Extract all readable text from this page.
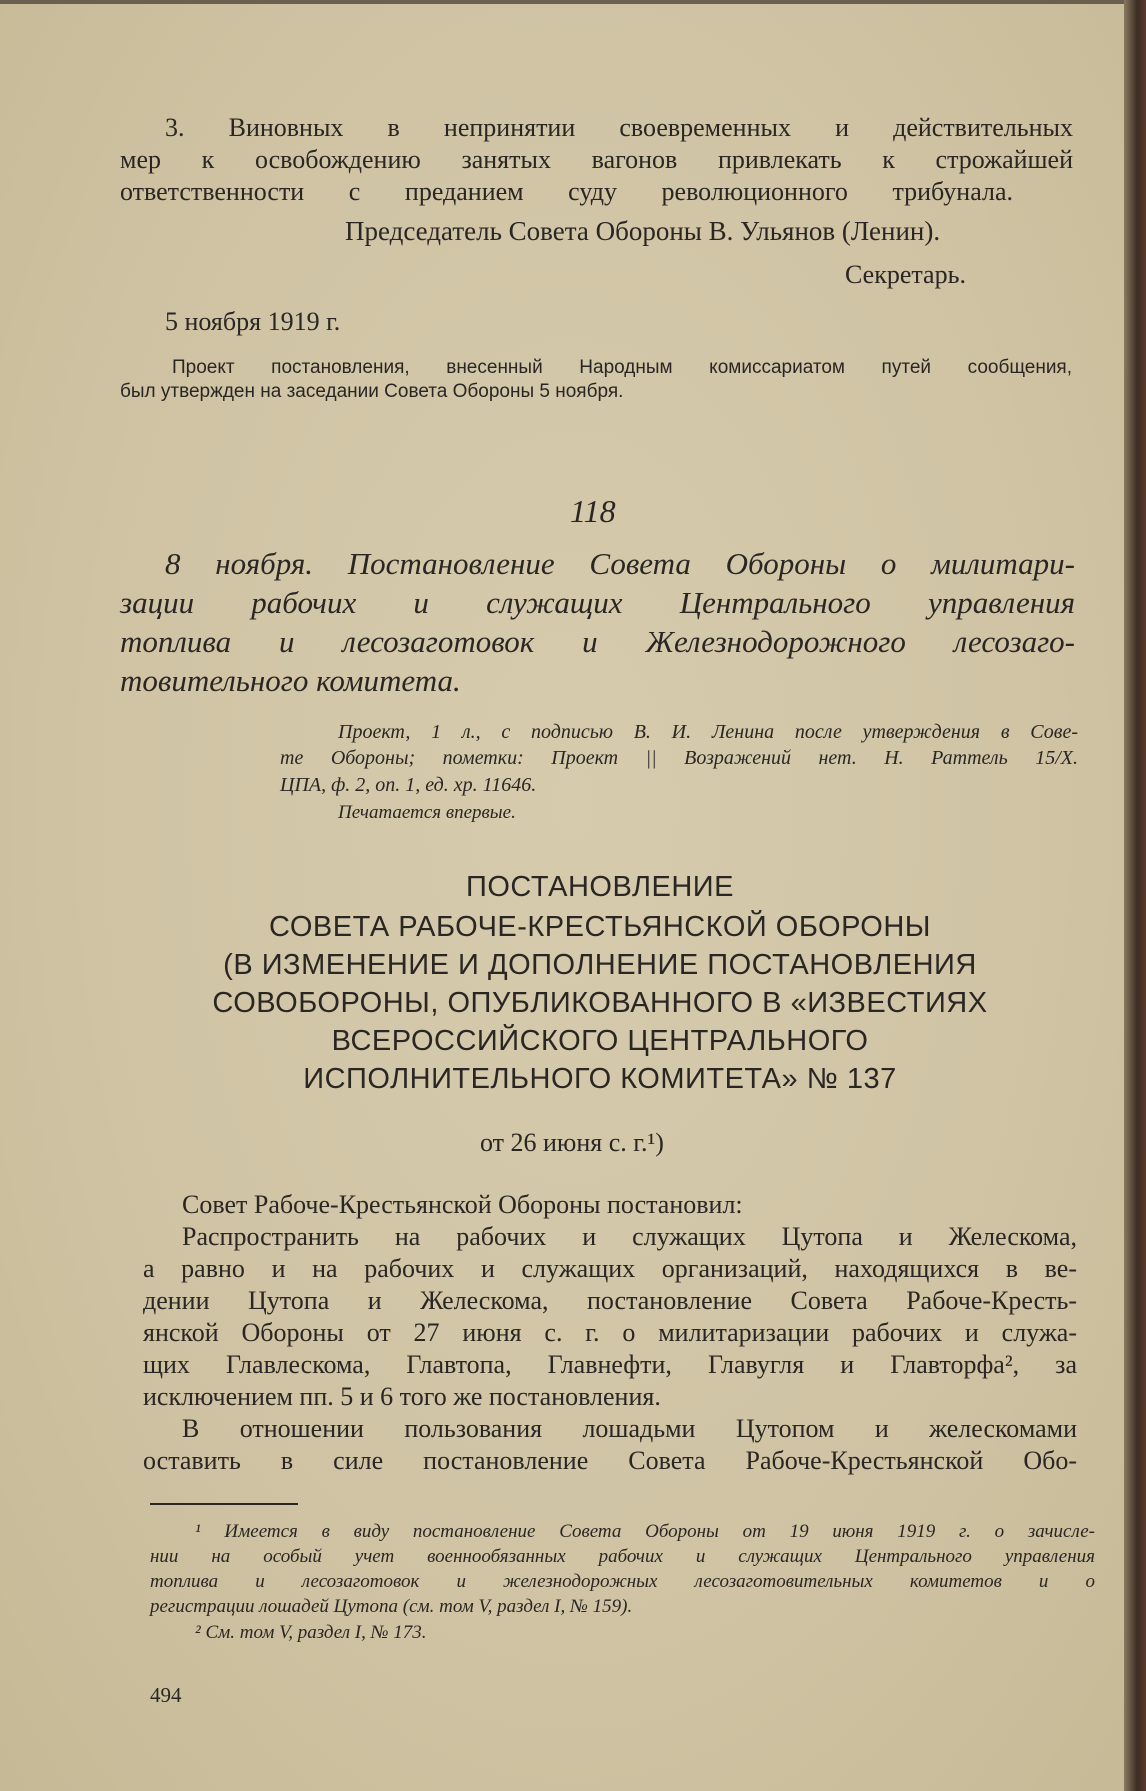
3. Виновных в непринятии своевременных и действительных
мер к освобождению занятых вагонов привлекать к строжайшей
ответственности с преданием суду революционного трибунала.
Председатель Совета Обороны В. Ульянов (Ленин).
Секретарь.
5 ноября 1919 г.
Проект постановления, внесенный Народным комиссариатом путей сообщения,
был утвержден на заседании Совета Обороны 5 ноября.
118
8 ноября. Постановление Совета Обороны о милитари-
зации рабочих и служащих Центрального управления
топлива и лесозаготовок и Железнодорожного лесозаго-
товительного комитета.
Проект, 1 л., с подписью В. И. Ленина после утверждения в Сове-
те Обороны; пометки: Проект || Возражений нет. Н. Раттель 15/X.
ЦПА, ф. 2, оп. 1, ед. хр. 11646.
Печатается впервые.
ПОСТАНОВЛЕНИЕ
СОВЕТА РАБОЧЕ-КРЕСТЬЯНСКОЙ ОБОРОНЫ
(В ИЗМЕНЕНИЕ И ДОПОЛНЕНИЕ ПОСТАНОВЛЕНИЯ
СОВОБОРОНЫ, ОПУБЛИКОВАННОГО В «ИЗВЕСТИЯХ
ВСЕРОССИЙСКОГО ЦЕНТРАЛЬНОГО
ИСПОЛНИТЕЛЬНОГО КОМИТЕТА» № 137
от 26 июня с. г.¹)
Совет Рабоче-Крестьянской Обороны постановил:
Распространить на рабочих и служащих Цутопа и Желескома,
а равно и на рабочих и служащих организаций, находящихся в ве-
дении Цутопа и Желескома, постановление Совета Рабоче-Кресть-
янской Обороны от 27 июня с. г. о милитаризации рабочих и служа-
щих Главлескома, Главтопа, Главнефти, Главугля и Главторфа², за
исключением пп. 5 и 6 того же постановления.
В отношении пользования лошадьми Цутопом и желескомами
оставить в силе постановление Совета Рабоче-Крестьянской Обо-
¹ Имеется в виду постановление Совета Обороны от 19 июня 1919 г. о зачисле-
нии на особый учет военнообязанных рабочих и служащих Центрального управления
топлива и лесозаготовок и железнодорожных лесозаготовительных комитетов и о
регистрации лошадей Цутопа (см. том V, раздел I, № 159).
² См. том V, раздел I, № 173.
494
